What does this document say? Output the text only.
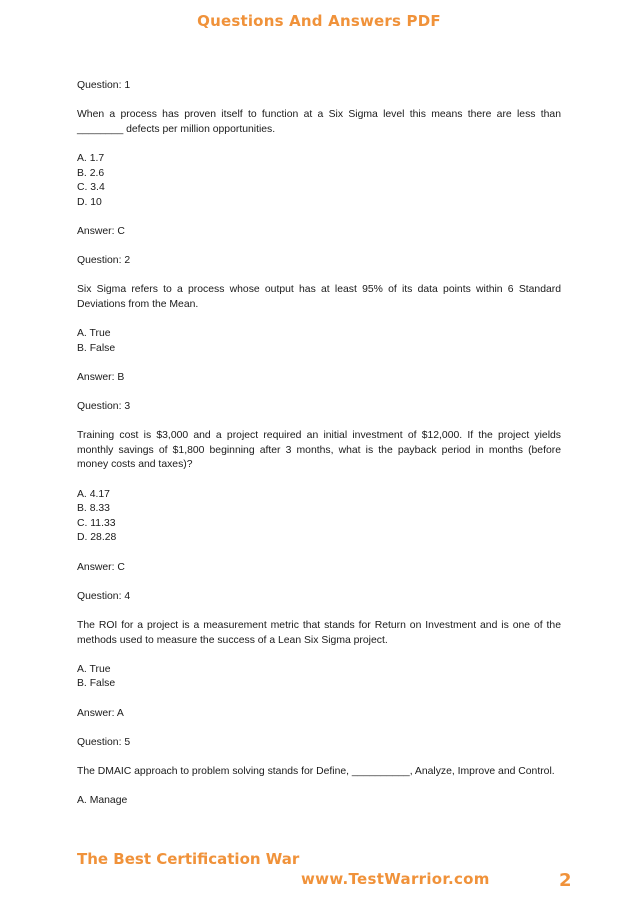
Questions And Answers PDF

Question: 1

When a process has proven itself to function at a Six Sigma level this means there are less than ________ defects per million opportunities.

A. 1.7
B. 2.6
C. 3.4
D. 10

Answer: C

Question: 2

Six Sigma refers to a process whose output has at least 95% of its data points within 6 Standard Deviations from the Mean.

A. True
B. False

Answer: B

Question: 3

Training cost is $3,000 and a project required an initial investment of $12,000. If the project yields monthly savings of $1,800 beginning after 3 months, what is the payback period in months (before money costs and taxes)?

A. 4.17
B. 8.33
C. 11.33
D. 28.28

Answer: C

Question: 4

The ROI for a project is a measurement metric that stands for Return on Investment and is one of the methods used to measure the success of a Lean Six Sigma project.

A. True
B. False

Answer: A

Question: 5

The DMAIC approach to problem solving stands for Define, __________, Analyze, Improve and Control.

A. Manage
The Best Certification War
www.TestWarrior.com	2
